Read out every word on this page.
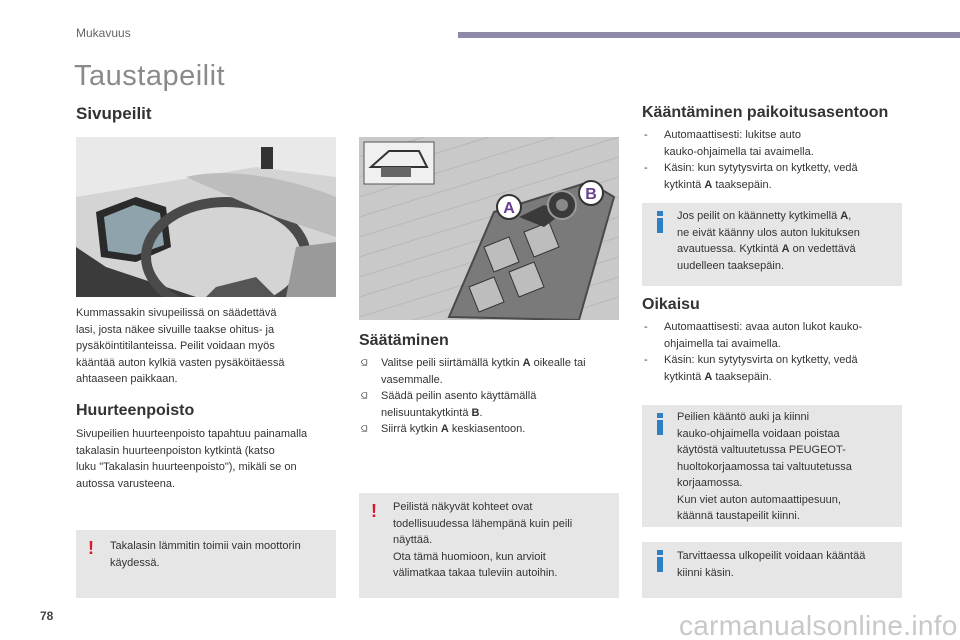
Mukavuus
Taustapeilit
Sivupeilit
Kummassakin sivupeilissä on säädettävä
lasi, josta näkee sivuille taakse ohitus- ja
pysäköintitilanteissa. Peilit voidaan myös
kääntää auton kylkiä vasten pysäköitäessä
ahtaaseen paikkaan.
Huurteenpoisto
Sivupeilien huurteenpoisto tapahtuu painamalla
takalasin huurteenpoiston kytkintä (katso
luku "Takalasin huurteenpoisto"), mikäli se on
autossa varusteena.
! Takalasin lämmitin toimii vain moottorin
käydessä.
A
B
Säätäminen
⫑	Valitse peili siirtämällä kytkin A oikealle tai
vasemmalle.
⫑	Säädä peilin asento käyttämällä
nelisuuntakytkintä B.
⫑	Siirrä kytkin A keskiasentoon.
! Peilistä näkyvät kohteet ovat
todellisuudessa lähempänä kuin peili
näyttää.
Ota tämä huomioon, kun arvioit
välimatkaa takaa tuleviin autoihin.
Kääntäminen paikoitusasentoon
-	Automaattisesti: lukitse auto
kauko-ohjaimella tai avaimella.
-	Käsin: kun sytytysvirta on kytketty, vedä
kytkintä A taaksepäin.
Jos peilit on käännetty kytkimellä A,
ne eivät käänny ulos auton lukituksen
avautuessa. Kytkintä A on vedettävä
uudelleen taaksepäin.
Oikaisu
-	Automaattisesti: avaa auton lukot kauko-
ohjaimella tai avaimella.
-	Käsin: kun sytytysvirta on kytketty, vedä
kytkintä A taaksepäin.
Peilien kääntö auki ja kiinni
kauko-ohjaimella voidaan poistaa
käytöstä valtuutetussa PEUGEOT-
huoltokorjaamossa tai valtuutetussa
korjaamossa.
Kun viet auton automaattipesuun,
käännä taustapeilit kiinni.
Tarvittaessa ulkopeilit voidaan kääntää
kiinni käsin.
78	carmanualsonline.info
